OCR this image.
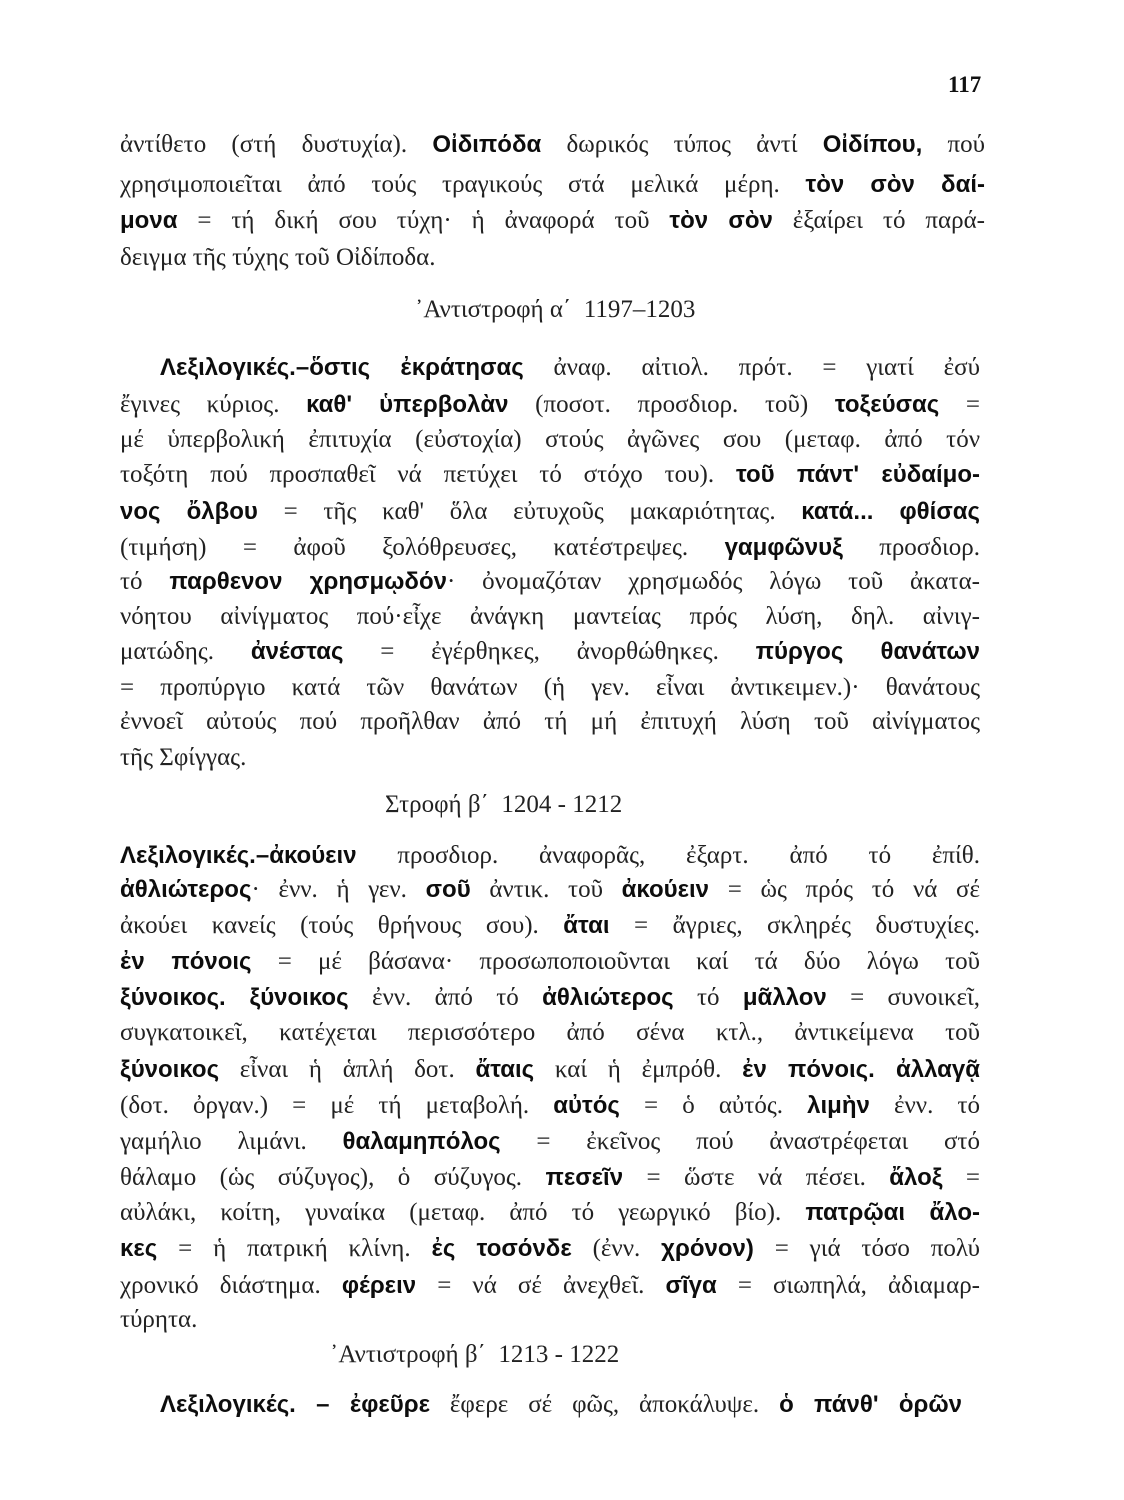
117
ἀντίθετο (στή δυστυχία). Οἰδιπόδα δωρικός τύπος ἀντί Οἰδίπου, πού
χρησιμοποιεῖται ἀπό τούς τραγικούς στά μελικά μέρη. τὸν σὸν δαί-
μονα = τή δική σου τύχη· ἡ ἀναφορά τοῦ τὸν σὸν ἐξαίρει τό παρά-
δειγμα τῆς τύχης τοῦ Οἰδίποδα.
᾿Αντιστροφή α΄  1197–1203
Λεξιλογικές.–ὅστις ἐκράτησας ἀναφ. αἰτιολ. πρότ. = γιατί ἐσύ
ἔγινες κύριος. καθ' ὑπερβολὰν (ποσοτ. προσδιορ. τοῦ) τοξεύσας =
μέ ὑπερβολική ἐπιτυχία (εὐστοχία) στούς ἀγῶνες σου (μεταφ. ἀπό τόν
τοξότη πού προσπαθεῖ νά πετύχει τό στόχο του). τοῦ πάντ' εὐδαίμο-
νος ὄλβου = τῆς καθ' ὅλα εὐτυχοῦς μακαριότητας. κατά... φθίσας
(τιμήση) = ἀφοῦ ξολόθρευσες, κατέστρεψες. γαμφῶνυξ προσδιορ.
τό παρθενον χρησμῳδόν· ὀνομαζόταν χρησμωδός λόγω τοῦ ἀκατα-
νόητου αἰνίγματος πού·εἶχε ἀνάγκη μαντείας πρός λύση, δηλ. αἰνιγ-
ματώδης. ἀνέστας = ἐγέρθηκες, ἀνορθώθηκες. πύργος θανάτων
= προπύργιο κατά τῶν θανάτων (ἡ γεν. εἶναι ἀντικειμεν.)· θανάτους
ἐννοεῖ αὐτούς πού προῆλθαν ἀπό τή μή ἐπιτυχή λύση τοῦ αἰνίγματος
τῆς Σφίγγας.
Στροφή β΄  1204 - 1212
Λεξιλογικές.–ἀκούειν προσδιορ. ἀναφορᾶς, ἐξαρτ. ἀπό τό ἐπίθ.
ἀθλιώτερος· ἐνν. ἡ γεν. σοῦ ἀντικ. τοῦ ἀκούειν = ὡς πρός τό νά σέ
ἀκούει κανείς (τούς θρήνους σου). ἄται = ἄγριες, σκληρές δυστυχίες.
ἐν πόνοις = μέ βάσανα· προσωποποιοῦνται καί τά δύο λόγω τοῦ
ξύνοικος. ξύνοικος ἐνν. ἀπό τό ἀθλιώτερος τό μᾶλλον = συνοικεῖ,
συγκατοικεῖ, κατέχεται περισσότερο ἀπό σένα κτλ., ἀντικείμενα τοῦ
ξύνοικος εἶναι ἡ ἁπλή δοτ. ἄταις καί ἡ ἐμπρόθ. ἐν πόνοις. ἀλλαγᾷ
(δοτ. ὀργαν.) = μέ τή μεταβολή. αὐτός = ὁ αὐτός. λιμὴν ἐνν. τό
γαμήλιο λιμάνι. θαλαμηπόλος = ἐκεῖνος πού ἀναστρέφεται στό
θάλαμο (ὡς σύζυγος), ὁ σύζυγος. πεσεῖν = ὥστε νά πέσει. ἄλοξ =
αὐλάκι, κοίτη, γυναίκα (μεταφ. ἀπό τό γεωργικό βίο). πατρῷαι ἄλο-
κες = ἡ πατρική κλίνη. ἐς τοσόνδε (ἐνν. χρόνον) = γιά τόσο πολύ
χρονικό διάστημα. φέρειν = νά σέ ἀνεχθεῖ. σῖγα = σιωπηλά, ἀδιαμαρ-
τύρητα.
᾿Αντιστροφή β΄  1213 - 1222
Λεξιλογικές. – ἐφεῦρε ἔφερε σέ φῶς, ἀποκάλυψε. ὁ πάνθ' ὁρῶν
